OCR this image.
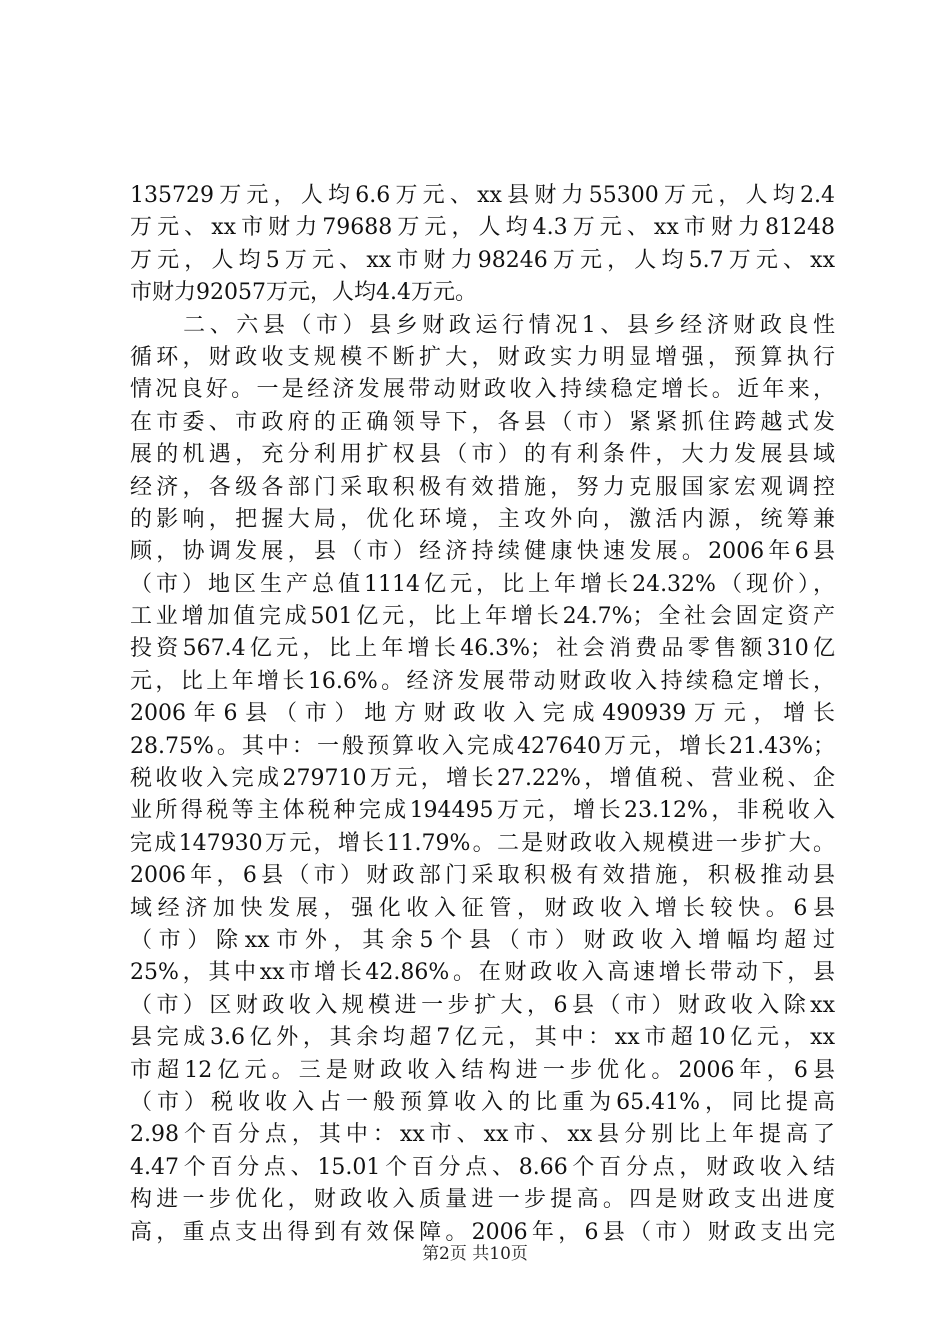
135729万元，人均6.6万元、xx县财力55300万元，人均2.4
万元、xx市财力79688万元，人均4.3万元、xx市财力81248
万元，人均5万元、xx市财力98246万元，人均5.7万元、xx
市财力92057万元，人均4.4万元。
　　二、六县（市）县乡财政运行情况1、县乡经济财政良性
循环，财政收支规模不断扩大，财政实力明显增强，预算执行
情况良好。一是经济发展带动财政收入持续稳定增长。近年来，
在市委、市政府的正确领导下，各县（市）紧紧抓住跨越式发
展的机遇，充分利用扩权县（市）的有利条件，大力发展县域
经济，各级各部门采取积极有效措施，努力克服国家宏观调控
的影响，把握大局，优化环境，主攻外向，激活内源，统筹兼
顾，协调发展，县（市）经济持续健康快速发展。2006年6县
（市）地区生产总值1114亿元，比上年增长24.32%（现价），
工业增加值完成501亿元，比上年增长24.7%；全社会固定资产
投资567.4亿元，比上年增长46.3%；社会消费品零售额310亿
元，比上年增长16.6%。经济发展带动财政收入持续稳定增长，
2006年6县（市）地方财政收入完成490939万元，增长
28.75%。其中：一般预算收入完成427640万元，增长21.43%；
税收收入完成279710万元，增长27.22%，增值税、营业税、企
业所得税等主体税种完成194495万元，增长23.12%，非税收入
完成147930万元，增长11.79%。二是财政收入规模进一步扩大。
2006年，6县（市）财政部门采取积极有效措施，积极推动县
域经济加快发展，强化收入征管，财政收入增长较快。6县
（市）除xx市外，其余5个县（市）财政收入增幅均超过
25%，其中xx市增长42.86%。在财政收入高速增长带动下，县
（市）区财政收入规模进一步扩大，6县（市）财政收入除xx
县完成3.6亿外，其余均超7亿元，其中：xx市超10亿元，xx
市超12亿元。三是财政收入结构进一步优化。2006年，6县
（市）税收收入占一般预算收入的比重为65.41%，同比提高
2.98个百分点，其中：xx市、xx市、xx县分别比上年提高了
4.47个百分点、15.01个百分点、8.66个百分点，财政收入结
构进一步优化，财政收入质量进一步提高。四是财政支出进度
高，重点支出得到有效保障。2006年，6县（市）财政支出完
第2页 共10页
